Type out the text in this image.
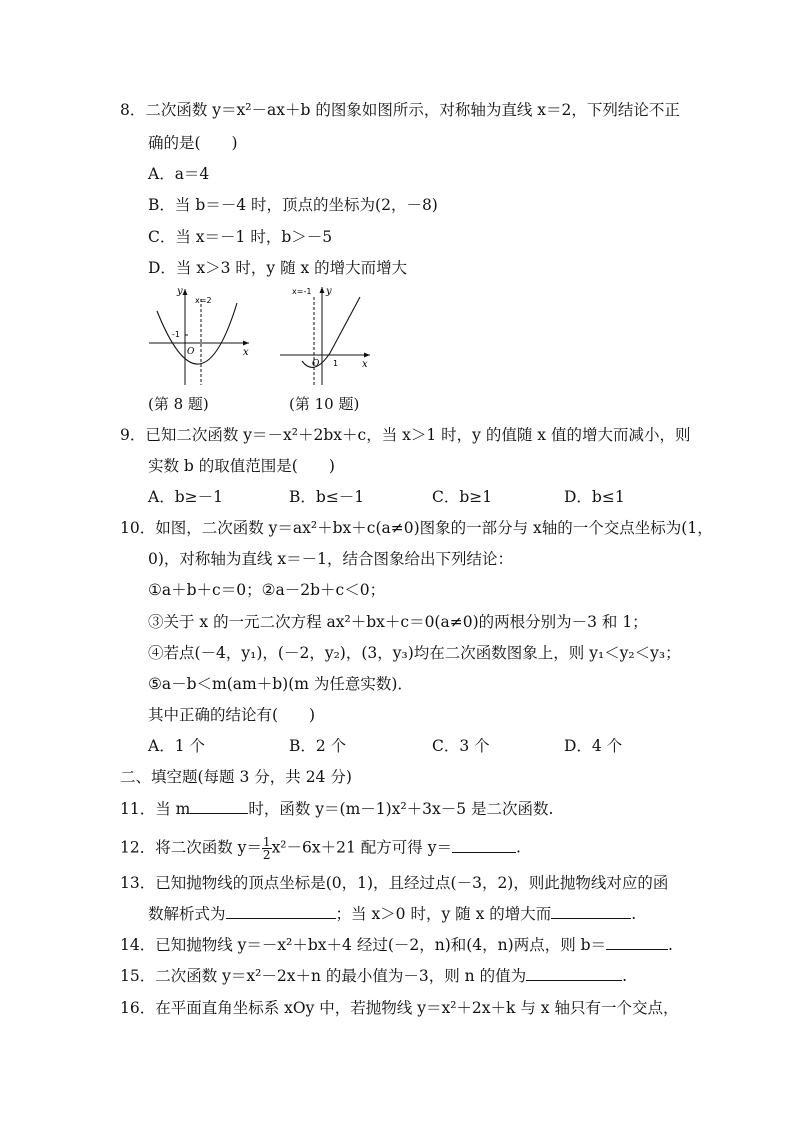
8．二次函数 y＝x²－ax＋b 的图象如图所示，对称轴为直线 x＝2，下列结论不正
确的是(　　)
A．a＝4
B．当 b＝－4 时，顶点的坐标为(2，－8)
C．当 x＝－1 时，b＞－5
D．当 x＞3 时，y 随 x 的增大而增大
y
x
O
x=2
-1
(第 8 题)
y
x
O
x=-1
1
(第 10 题)
9．已知二次函数 y＝－x²＋2bx＋c，当 x＞1 时，y 的值随 x 值的增大而减小，则
实数 b 的取值范围是(　　)
A．b≥－1	B．b≤－1	C．b≥1	D．b≤1
10．如图，二次函数 y＝ax²＋bx＋c(a≠0)图象的一部分与 x轴的一个交点坐标为(1，
0)，对称轴为直线 x＝－1，结合图象给出下列结论：
①a＋b＋c＝0；②a－2b＋c＜0；
③关于 x 的一元二次方程 ax²＋bx＋c＝0(a≠0)的两根分别为－3 和 1；
④若点(－4，y₁)，(－2，y₂)，(3，y₃)均在二次函数图象上，则 y₁＜y₂＜y₃；
⑤a－b＜m(am＋b)(m 为任意实数)．
其中正确的结论有(　　)
A．1 个	B．2 个	C．3 个	D．4 个
二、填空题(每题 3 分，共 24 分)
11．当 m	时，函数 y＝(m－1)x²＋3x－5 是二次函数.
12．将二次函数 $y= \frac{1}{2} x^2-6x+21$ 配方可得 y＝	.
13．已知抛物线的顶点坐标是(0，1)，且经过点(－3，2)，则此抛物线对应的函
数解析式为	；当 x＞0 时，y 随 x 的增大而	.
14．已知抛物线 y＝－x²＋bx＋4 经过(－2，n)和(4，n)两点，则 b＝	.
15．二次函数 y＝x²－2x＋n 的最小值为－3，则 n 的值为	.
16．在平面直角坐标系 xOy 中，若抛物线 y＝x²＋2x＋k 与 x 轴只有一个交点，
